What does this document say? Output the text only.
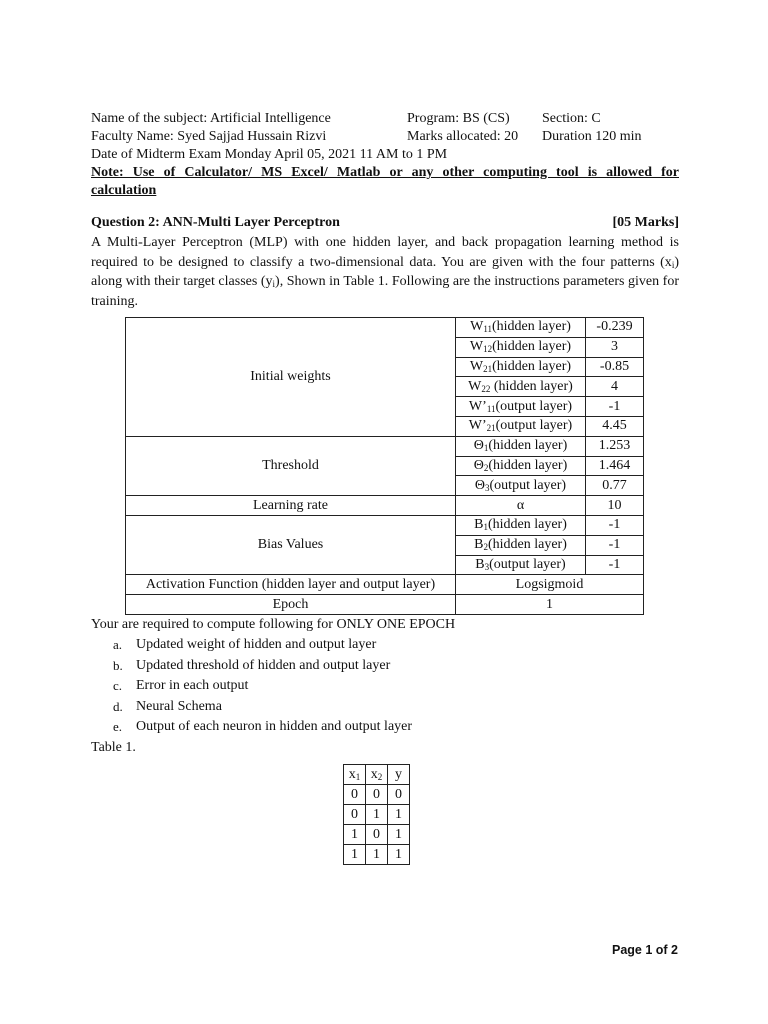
Name of the subject: Artificial Intelligence	Program: BS (CS) Section: C
Faculty Name: Syed Sajjad Hussain Rizvi	Marks allocated: 20 Duration 120 min
Date of Midterm Exam Monday April 05, 2021 11 AM to 1 PM
Note: Use of Calculator/ MS Excel/ Matlab or any other computing tool is allowed for
calculation
Question 2: ANN-Multi Layer Perceptron	[05 Marks]
A Multi-Layer Perceptron (MLP) with one hidden layer, and back propagation learning method is required to be designed to classify a two-dimensional data. You are given with the four patterns $(x_i)$ along with their target classes $(y_i)$, Shown in Table 1. Following are the instructions parameters given for training.
Initial weights	$W_{11}(hidden$ layer)	-0.239
	$W_{12}(hidden$ layer)	3
	$W_{21}(hidden$ layer)	-0.85
	$W_{22}$ (hidden layer)	4
	$W’_{11}(output$ layer)	-1
	$W’_{21}(output$ layer)	4.45
Threshold	$\Theta_1(hidden$ layer)	1.253
	$\Theta_2(hidden$ layer)	1.464
	$\Theta_3(output$ layer)	0.77
Learning rate	α	10
Bias Values	$B_1(hidden$ layer)	-1
	$B_2(hidden$ layer)	-1
	$B_3(output$ layer)	-1
Activation Function (hidden layer and output layer)	Logsigmoid	
Epoch	1	
Your are required to compute following for ONLY ONE EPOCH
a. Updated weight of hidden and output layer
b. Updated threshold of hidden and output layer
c. Error in each output
d. Neural Schema
e. Output of each neuron in hidden and output layer
Table 1.
$x_1$	$x_2$	y
0	0	0
0	1	1
1	0	1
1	1	1
Page 1 of 2
